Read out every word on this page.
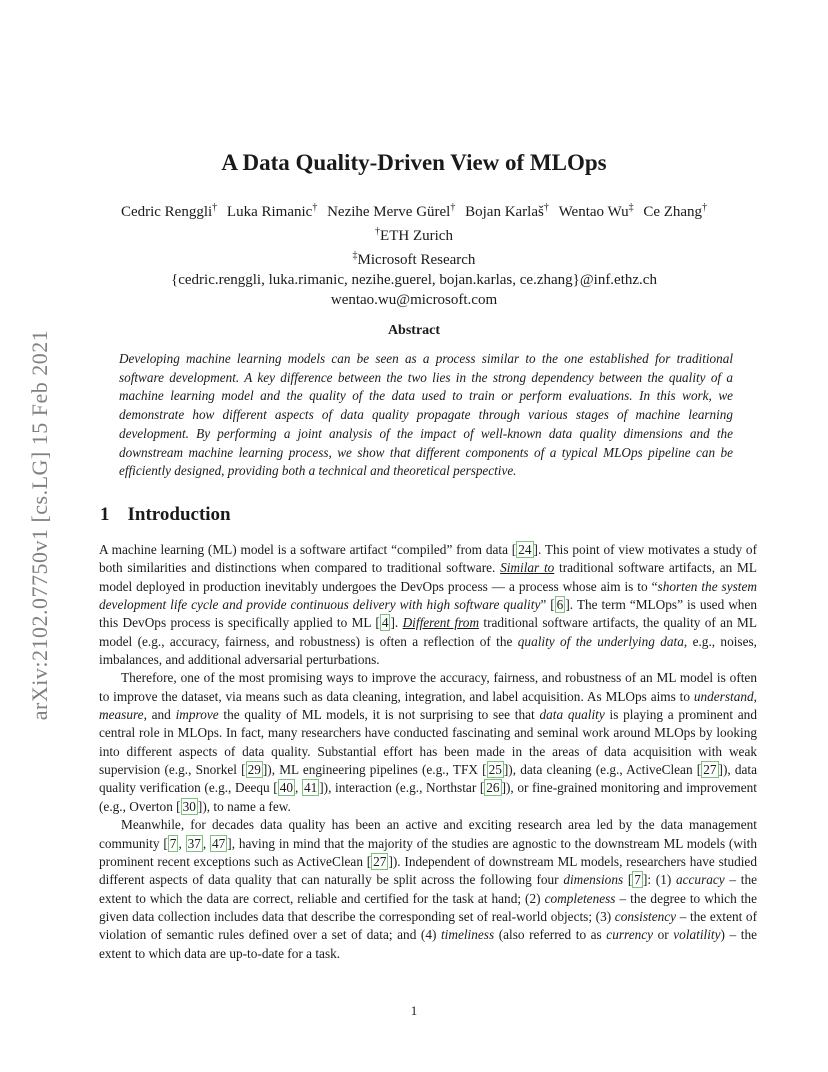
arXiv:2102.07750v1 [cs.LG] 15 Feb 2021
A Data Quality-Driven View of MLOps
Cedric Renggli† Luka Rimanic† Nezihe Merve Gürel† Bojan Karlaš† Wentao Wu‡ Ce Zhang†
†ETH Zurich
‡Microsoft Research
{cedric.renggli, luka.rimanic, nezihe.guerel, bojan.karlas, ce.zhang}@inf.ethz.ch
wentao.wu@microsoft.com
Abstract

Developing machine learning models can be seen as a process similar to the one established for traditional software development. A key difference between the two lies in the strong dependency between the quality of a machine learning model and the quality of the data used to train or perform evaluations. In this work, we demonstrate how different aspects of data quality propagate through various stages of machine learning development. By performing a joint analysis of the impact of well-known data quality dimensions and the downstream machine learning process, we show that different components of a typical MLOps pipeline can be efficiently designed, providing both a technical and theoretical perspective.

1 Introduction

A machine learning (ML) model is a software artifact “compiled” from data [ 24 ]. This point of view motivates a study of both similarities and distinctions when compared to traditional software. Similar to traditional software artifacts, an ML model deployed in production inevitably undergoes the DevOps process — a process whose aim is to “shorten the system development life cycle and provide continuous delivery with high software quality” [ 6 ]. The term “MLOps” is used when this DevOps process is specifically applied to ML [ 4 ]. Different from traditional software artifacts, the quality of an ML model (e.g., accuracy, fairness, and robustness) is often a reflection of the quality of the underlying data, e.g., noises, imbalances, and additional adversarial perturbations.

Therefore, one of the most promising ways to improve the accuracy, fairness, and robustness of an ML model is often to improve the dataset, via means such as data cleaning, integration, and label acquisition. As MLOps aims to understand, measure, and improve the quality of ML models, it is not surprising to see that data quality is playing a prominent and central role in MLOps. In fact, many researchers have conducted fascinating and seminal work around MLOps by looking into different aspects of data quality. Substantial effort has been made in the areas of data acquisition with weak supervision (e.g., Snorkel [ 29 ]), ML engineering pipelines (e.g., TFX [ 25 ]), data cleaning (e.g., ActiveClean [ 27 ]), data quality verification (e.g., Deequ [ 40 , 41 ]), interaction (e.g., Northstar [ 26 ]), or fine-grained monitoring and improvement (e.g., Overton [ 30 ]), to name a few.

Meanwhile, for decades data quality has been an active and exciting research area led by the data management community [ 7 , 37 , 47 ], having in mind that the majority of the studies are agnostic to the downstream ML models (with prominent recent exceptions such as ActiveClean [ 27 ]). Independent of downstream ML models, researchers have studied different aspects of data quality that can naturally be split across the following four dimensions [ 7 ]: (1) accuracy – the extent to which the data are correct, reliable and certified for the task at hand; (2) completeness – the degree to which the given data collection includes data that describe the corresponding set of real-world objects; (3) consistency – the extent of violation of semantic rules defined over a set of data; and (4) timeliness (also referred to as currency or volatility) – the extent to which data are up-to-date for a task.

1
